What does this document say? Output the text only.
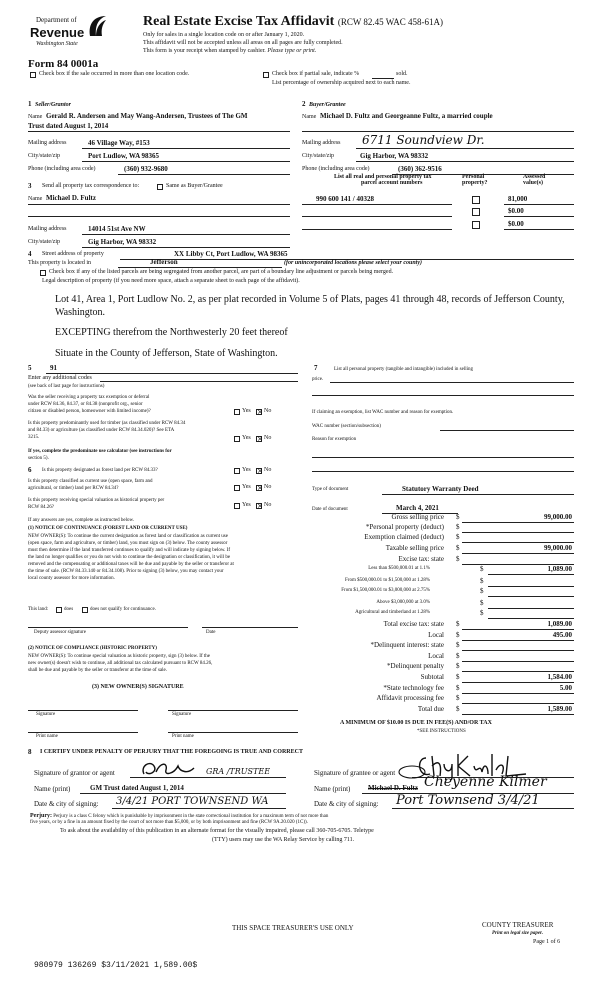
Department of
Revenue
Washington State
Real Estate Excise Tax Affidavit (RCW 82.45 WAC 458-61A)
Only for sales in a single location code on or after January 1, 2020.
This affidavit will not be accepted unless all areas on all pages are fully completed.
This form is your receipt when stamped by cashier. Please type or print.
Form 84 0001a
Check box if the sale occurred in more than one location code.	Check box if partial sale, indicate %	sold.
List percentage of ownership acquired next to each name.
1 Seller/Grantor
Name Gerald R. Andersen and May Wang-Andersen, Trustees of The GM
Trust dated August 1, 2014
Mailing address	46 Village Way, #153
City/state/zip	Port Ludlow, WA 98365
Phone (including area code)	(360) 932-9680
2 Buyer/Grantee
Name Michael D. Fultz and Georgeanne Fultz, a married couple
Mailing address 6711 Soundview Dr.
City/state/zip	Gig Harbor, WA 98332
Phone (including area code)	(360) 362-9516
3 Send all property tax correspondence to:	Same as Buyer/Grantee
Name Michael D. Fultz
Mailing address	14014 51st Ave NW
City/state/zip	Gig Harbor, WA 98332
List all real and personal property tax
parcel account numbers
Personal
property?
Assessed
value(s)
990 600 141 / 40328	81,000
$0.00
$0.00
4 Street address of property	XX Libby Ct, Port Ludlow, WA 98365
This property is located in	Jefferson	(for unincorporated locations please select your county)
Check box if any of the listed parcels are being segregated from another parcel, are part of a boundary line adjustment or parcels being merged.
Legal description of property (if you need more space, attach a separate sheet to each page of the affidavit).
Lot 41, Area 1, Port Ludlow No. 2, as per plat recorded in Volume 5 of Plats, pages 41 through 48, records of Jefferson County,
Washington.
EXCEPTING therefrom the Northwesterly 20 feet thereof
Situate in the County of Jefferson, State of Washington.
5	91
Enter any additional codes
(see back of last page for instructions)
Was the seller receiving a property tax exemption or deferral
under RCW 84.36, 84.37, or 84.38 (nonprofit org., senior
citizen or disabled person, homeowner with limited income)?	Yes × No
Is this property predominantly used for timber (as classified under RCW 84.34
and 84.33) or agriculture (as classified under RCW 84.34.020)? See ETA
3215.	Yes × No
If yes, complete the predominate use calculator (see instructions for
section 5).
6 Is this property designated as forest land per RCW 84.33?	Yes × No
Is this property classified as current use (open space, farm and
agricultural, or timber) land per RCW 84.34?	Yes × No
Is this property receiving special valuation as historical property per
RCW 84.26?	Yes × No
If any answers are yes, complete as instructed below.
(1) NOTICE OF CONTINUANCE (FOREST LAND OR CURRENT USE)
NEW OWNER(S): To continue the current designation as forest land or classification as current use
(open space, farm and agriculture, or timber) land, you must sign on (3) below. The county assessor
must then determine if the land transferred continues to qualify and will indicate by signing below. If
the land no longer qualifies or you do not wish to continue the designation or classification, it will be
removed and the compensating or additional taxes will be due and payable by the seller or transferor at
the time of sale. (RCW 84.33.140 or 84.34.108). Prior to signing (3) below, you may contact your
local county assessor for more information.
This land:	does	does not qualify for continuance.
Deputy assessor signature	Date
(2) NOTICE OF COMPLIANCE (HISTORIC PROPERTY)
NEW OWNER(S): To continue special valuation as historic property, sign (3) below. If the
new owner(s) doesn't wish to continue, all additional tax calculated pursuant to RCW 84.26,
shall be due and payable by the seller or transferor at the time of sale.
(3) NEW OWNER(S) SIGNATURE
Signature	Signature
Print name	Print name
7	List all personal property (tangible and intangible) included in selling
price.
If claiming an exemption, list WAC number and reason for exemption.
WAC number (section/subsection)
Reason for exemption
Type of document	Statutory Warranty Deed
Date of document	March 4, 2021
Gross selling price $	99,000.00
*Personal property (deduct) $
Exemption claimed (deduct) $
Taxable selling price $	99,000.00
Excise tax: state $
Less than $500,000.01 at 1.1%	$	1,089.00
From $500,000.01 to $1,500,000 at 1.28%	$
From $1,500,000.01 to $3,000,000 at 2.75%	$
Above $3,000,000 at 3.0%	$
Agricultural and timberland at 1.28%	$
Total excise tax: state $	1,089.00
Local $	495.00
*Delinquent interest: state $
Local $
*Delinquent penalty $
Subtotal $	1,584.00
*State technology fee $	5.00
Affidavit processing fee $
Total due $	1,589.00
A MINIMUM OF $10.00 IS DUE IN FEE(S) AND/OR TAX
*SEE INSTRUCTIONS
8 I CERTIFY UNDER PENALTY OF PERJURY THAT THE FOREGOING IS TRUE AND CORRECT
Signature of grantor or agent	GRA /TRUSTEE	Signature of grantee or agent
Name (print)	GM Trust dated August 1, 2014	Name (print)	Michael D. Fultz Cheyenne Kilmer
Date & city of signing: 3/4/21 PORT TOWNSEND WA	Date & city of signing: Port Townsend 3/4/21
Perjury: Perjury is a class C felony which is punishable by imprisonment in the state correctional institution for a maximum term of not more than
five years, or by a fine in an amount fixed by the court of not more than $5,000, or by both imprisonment and fine (RCW 9A.20.020 (1C)).
To ask about the availability of this publication in an alternate format for the visually impaired, please call 360-705-6705. Teletype
(TTY) users may use the WA Relay Service by calling 711.
THIS SPACE TREASURER'S USE ONLY	COUNTY TREASURER
Print on legal size paper.
Page 1 of 6
980979 136269 $3/11/2021 1,589.00$
